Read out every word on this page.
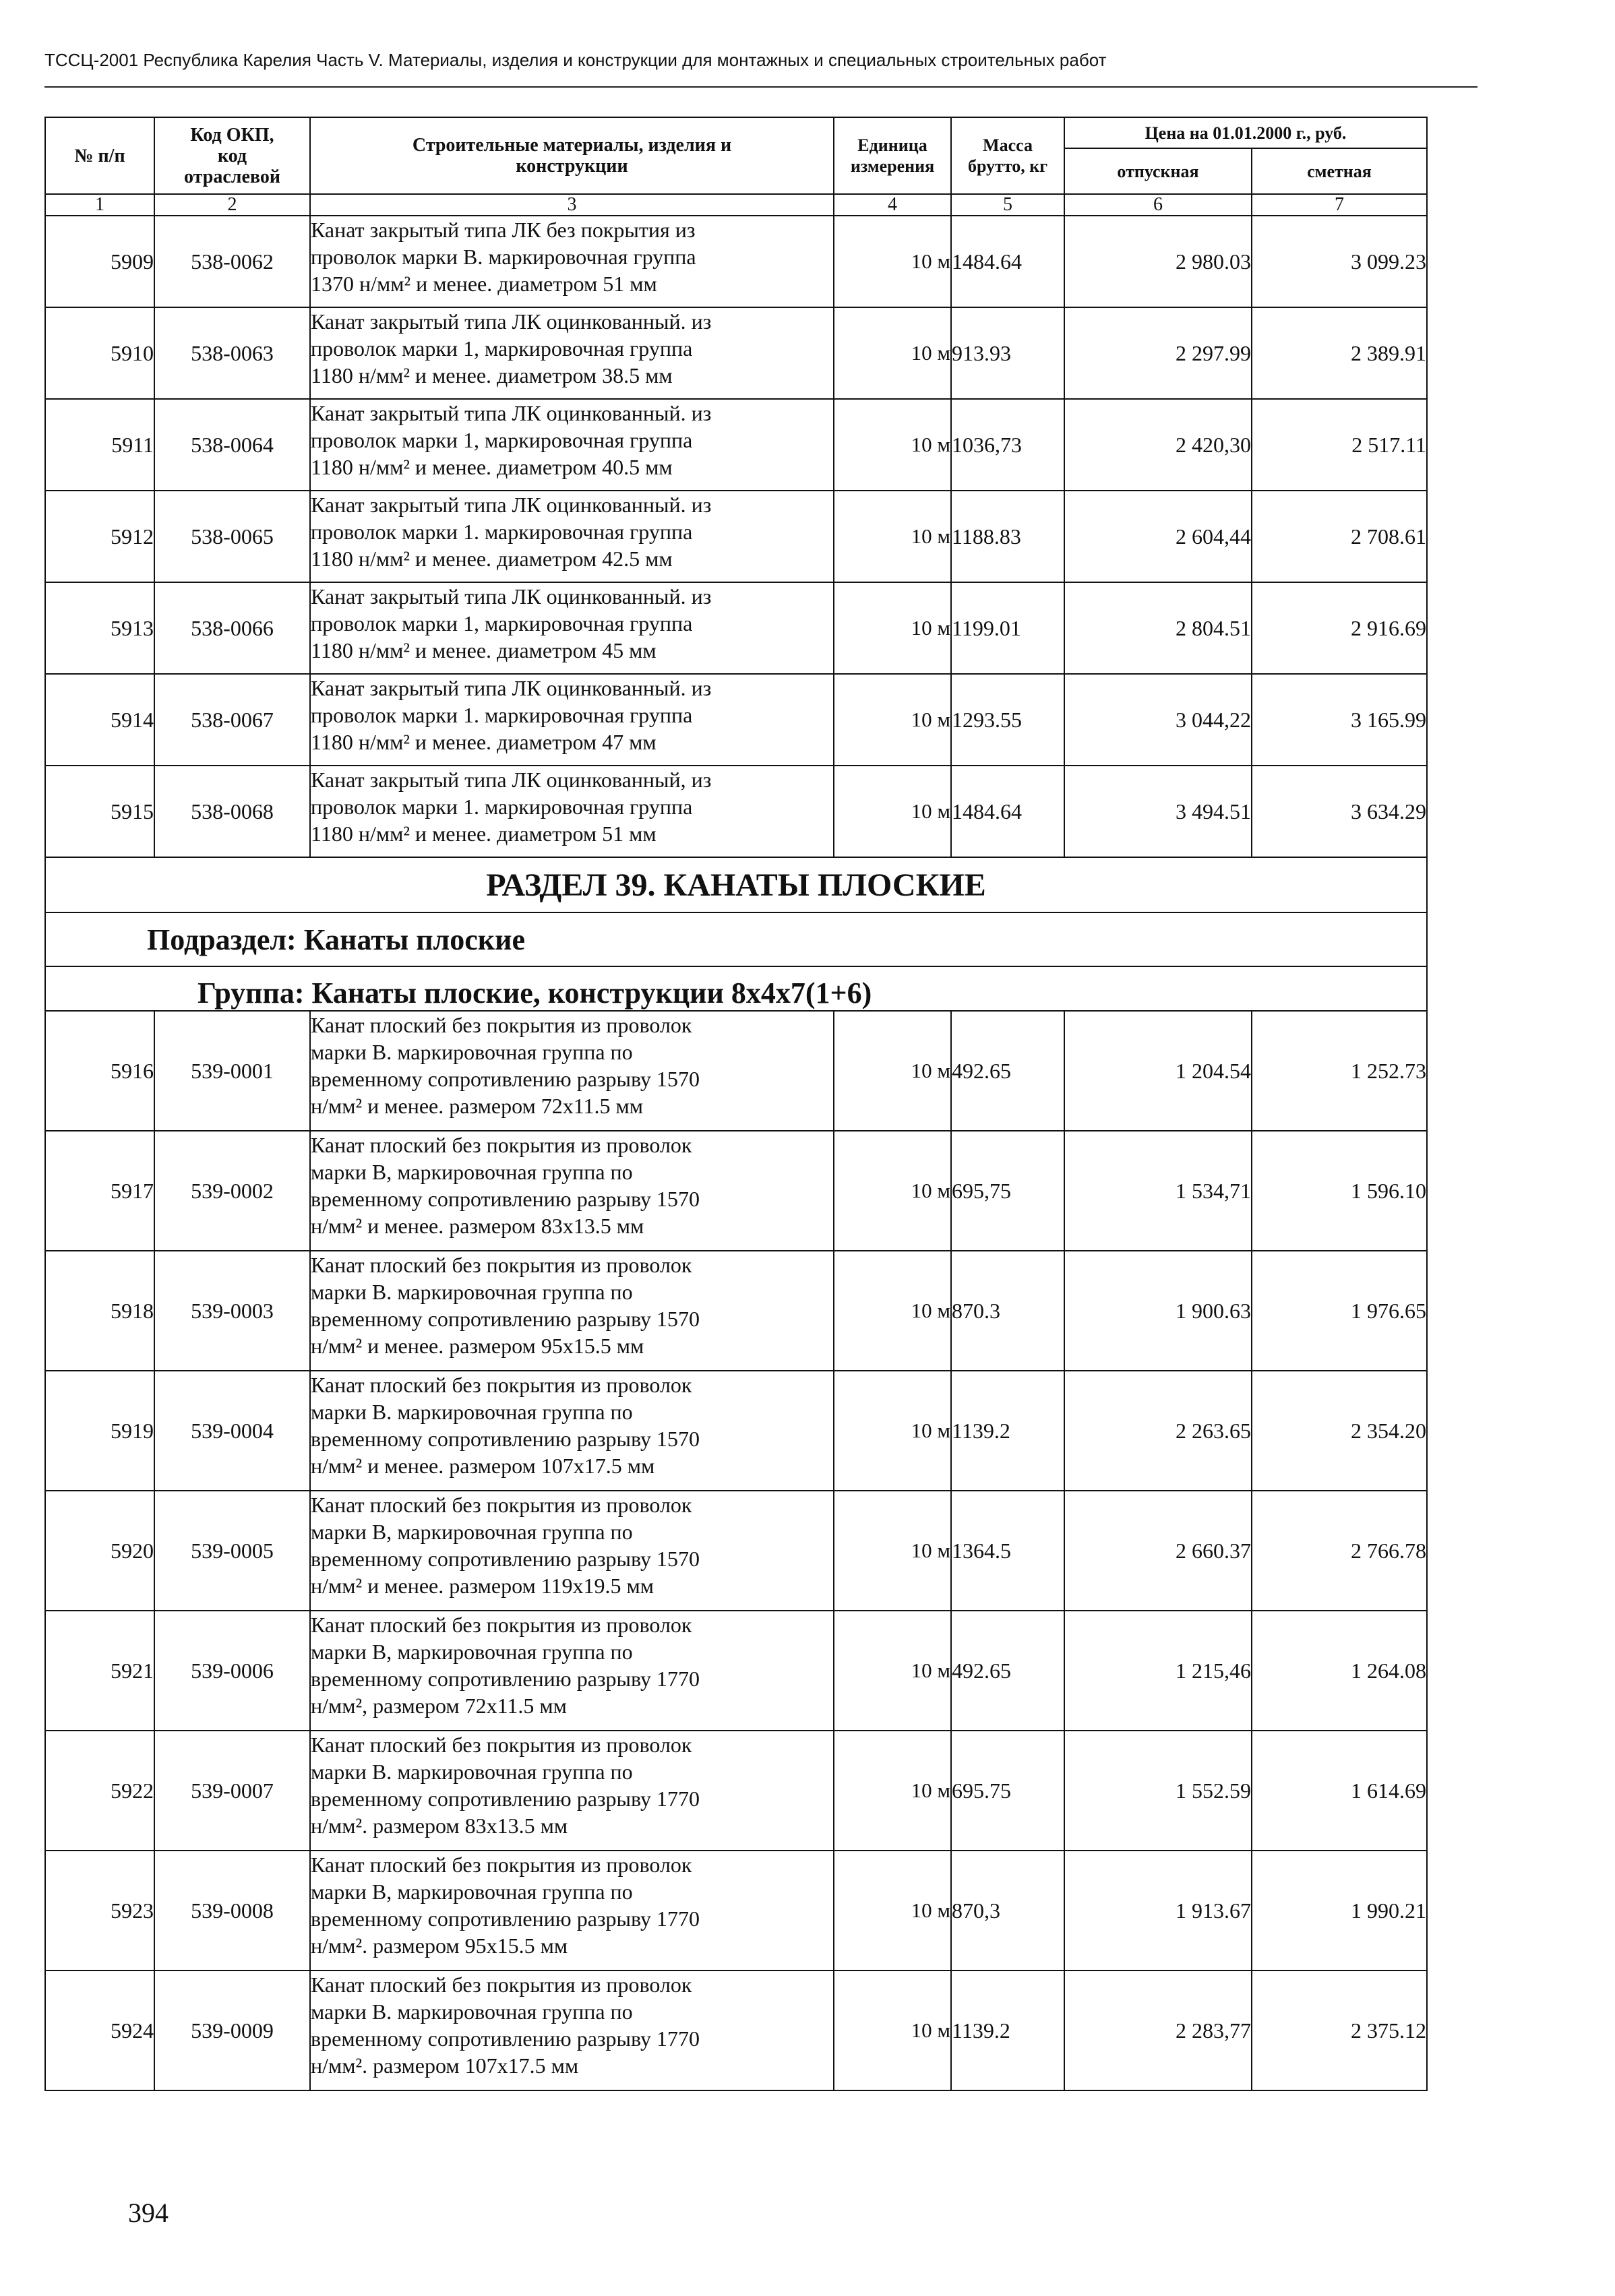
ТССЦ-2001 Республика Карелия Часть V. Материалы, изделия и конструкции для монтажных и специальных строительных работ
№ п/п	Код ОКП,
код
отраслевой	Строительные материалы, изделия и
конструкции	Единица
измерения	Масса
брутто, кг	Цена на 01.01.2000 г., руб.	
					отпускная	сметная
1	2	3	4	5	6	7
5909	538-0062	Канат закрытый типа ЛК без покрытия из
проволок марки В. маркировочная группа
1370 н/мм² и менее. диаметром 51 мм	10 м	1484.64	2 980.03	3 099.23
5910	538-0063	Канат закрытый типа ЛК оцинкованный. из
проволок марки 1, маркировочная группа
1180 н/мм² и менее. диаметром 38.5 мм	10 м	913.93	2 297.99	2 389.91
5911	538-0064	Канат закрытый типа ЛК оцинкованный. из
проволок марки 1, маркировочная группа
1180 н/мм² и менее. диаметром 40.5 мм	10 м	1036,73	2 420,30	2 517.11
5912	538-0065	Канат закрытый типа ЛК оцинкованный. из
проволок марки 1. маркировочная группа
1180 н/мм² и менее. диаметром 42.5 мм	10 м	1188.83	2 604,44	2 708.61
5913	538-0066	Канат закрытый типа ЛК оцинкованный. из
проволок марки 1, маркировочная группа
1180 н/мм² и менее. диаметром 45 мм	10 м	1199.01	2 804.51	2 916.69
5914	538-0067	Канат закрытый типа ЛК оцинкованный. из
проволок марки 1. маркировочная группа
1180 н/мм² и менее. диаметром 47 мм	10 м	1293.55	3 044,22	3 165.99
5915	538-0068	Канат закрытый типа ЛК оцинкованный, из
проволок марки 1. маркировочная группа
1180 н/мм² и менее. диаметром 51 мм	10 м	1484.64	3 494.51	3 634.29
РАЗДЕЛ 39. КАНАТЫ ПЛОСКИЕ						
Подраздел: Канаты плоские						
Группа: Канаты плоские, конструкции 8х4х7(1+6)						
5916	539-0001	Канат плоский без покрытия из проволок
марки В. маркировочная группа по
временному сопротивлению разрыву 1570
н/мм² и менее. размером 72х11.5 мм	10 м	492.65	1 204.54	1 252.73
5917	539-0002	Канат плоский без покрытия из проволок
марки В, маркировочная группа по
временному сопротивлению разрыву 1570
н/мм² и менее. размером 83х13.5 мм	10 м	695,75	1 534,71	1 596.10
5918	539-0003	Канат плоский без покрытия из проволок
марки В. маркировочная группа по
временному сопротивлению разрыву 1570
н/мм² и менее. размером 95х15.5 мм	10 м	870.3	1 900.63	1 976.65
5919	539-0004	Канат плоский без покрытия из проволок
марки В. маркировочная группа по
временному сопротивлению разрыву 1570
н/мм² и менее. размером 107х17.5 мм	10 м	1139.2	2 263.65	2 354.20
5920	539-0005	Канат плоский без покрытия из проволок
марки В, маркировочная группа по
временному сопротивлению разрыву 1570
н/мм² и менее. размером 119х19.5 мм	10 м	1364.5	2 660.37	2 766.78
5921	539-0006	Канат плоский без покрытия из проволок
марки В, маркировочная группа по
временному сопротивлению разрыву 1770
н/мм², размером 72х11.5 мм	10 м	492.65	1 215,46	1 264.08
5922	539-0007	Канат плоский без покрытия из проволок
марки В. маркировочная группа по
временному сопротивлению разрыву 1770
н/мм². размером 83х13.5 мм	10 м	695.75	1 552.59	1 614.69
5923	539-0008	Канат плоский без покрытия из проволок
марки В, маркировочная группа по
временному сопротивлению разрыву 1770
н/мм². размером 95х15.5 мм	10 м	870,3	1 913.67	1 990.21
5924	539-0009	Канат плоский без покрытия из проволок
марки В. маркировочная группа по
временному сопротивлению разрыву 1770
н/мм². размером 107х17.5 мм	10 м	1139.2	2 283,77	2 375.12
394
